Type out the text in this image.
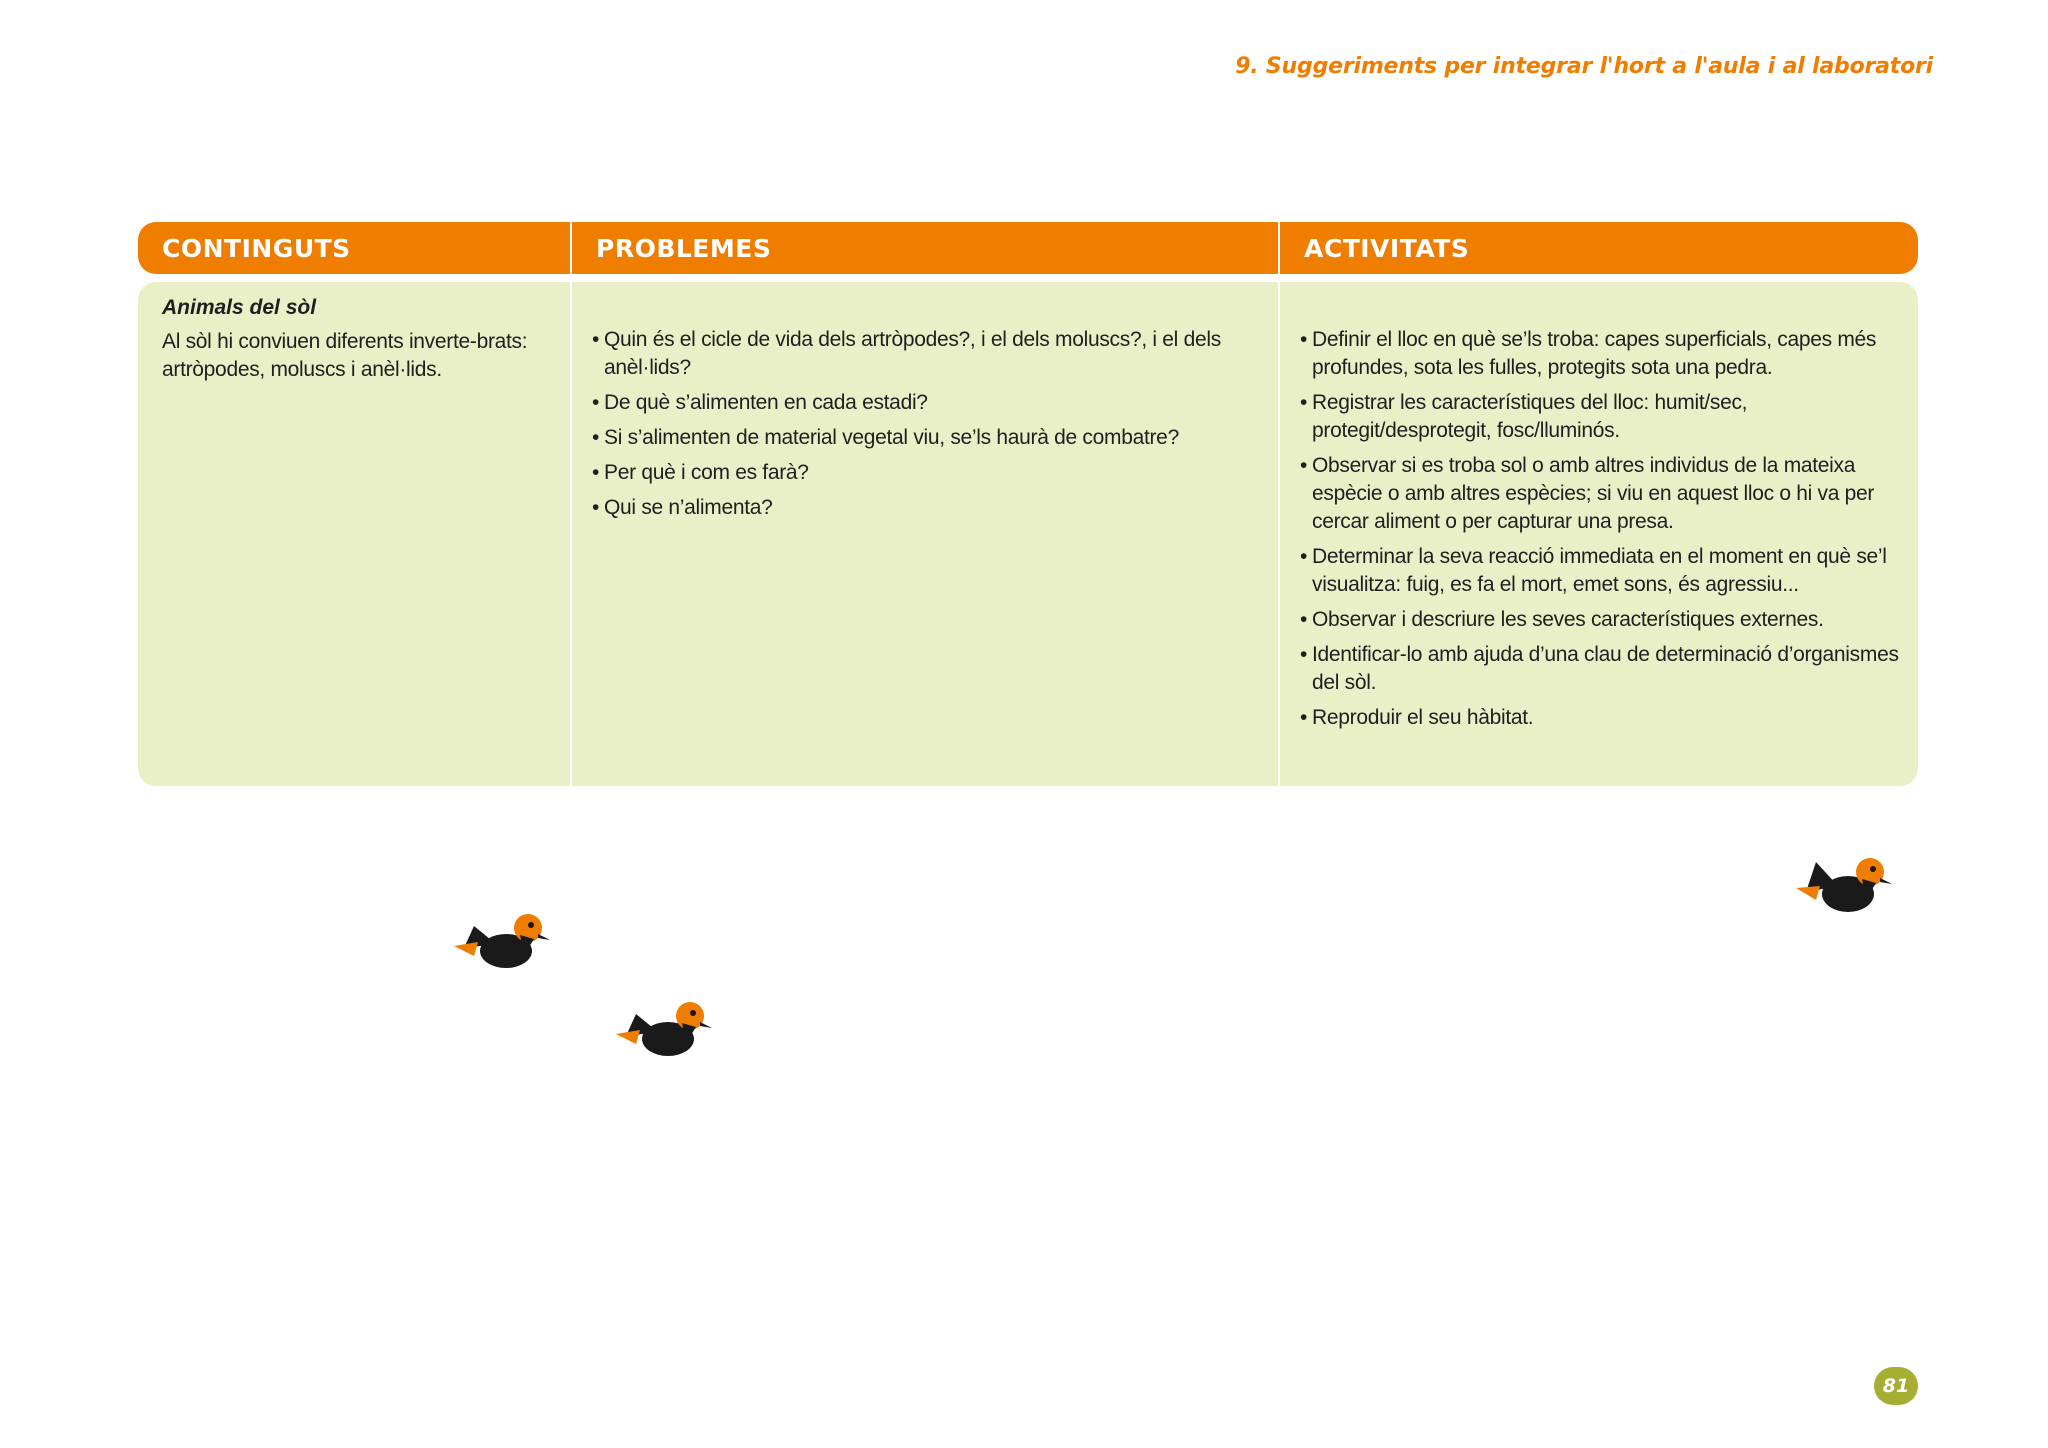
9. Suggeriments per integrar l'hort a l'aula i al laboratori
CONTINGUTS	PROBLEMES	ACTIVITATS
Animals del sòl
Al sòl hi conviuen diferents inverte-brats: artròpodes, moluscs i anèl·lids.
• Quin és el cicle de vida dels artròpodes?, i el dels moluscs?, i el dels anèl·lids?
• De què s’alimenten en cada estadi?
• Si s’alimenten de material vegetal viu, se’ls haurà de combatre?
• Per què i com es farà?
• Qui se n’alimenta?
• Definir el lloc en què se’ls troba: capes superficials, capes més profundes, sota les fulles, protegits sota una pedra.
• Registrar les característiques del lloc: humit/sec, protegit/desprotegit, fosc/lluminós.
• Observar si es troba sol o amb altres individus de la mateixa espècie o amb altres espècies; si viu en aquest lloc o hi va per cercar aliment o per capturar una presa.
• Determinar la seva reacció immediata en el moment en què se’l visualitza: fuig, es fa el mort, emet sons, és agressiu...
• Observar i descriure les seves característiques externes.
• Identificar-lo amb ajuda d’una clau de determinació d’organismes del sòl.
• Reproduir el seu hàbitat.
81
